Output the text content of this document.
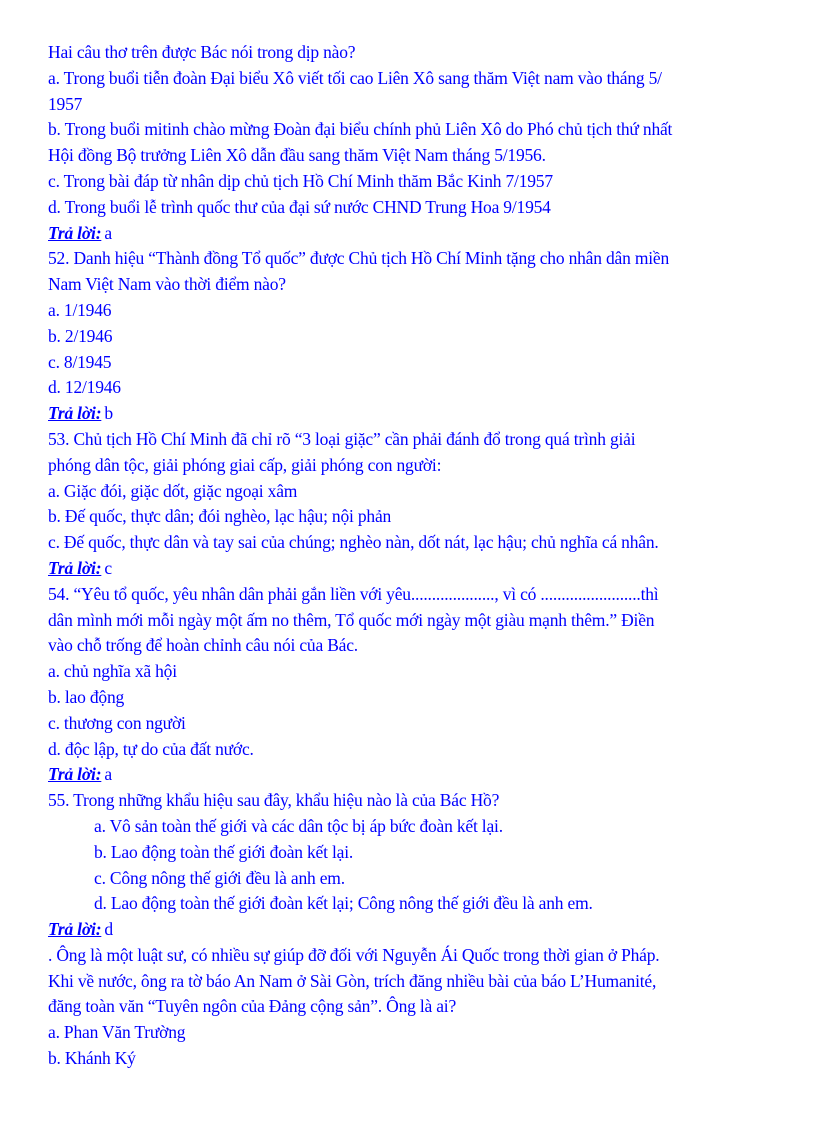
Hai câu thơ trên được Bác nói trong dịp nào?
a. Trong buổi tiễn đoàn Đại biểu Xô viết tối cao Liên Xô sang thăm Việt nam vào tháng 5/
1957
b. Trong buổi mitinh chào mừng Đoàn đại biểu chính phủ Liên Xô do Phó chủ tịch thứ nhất
Hội đồng Bộ trưởng Liên Xô dẫn đầu sang thăm Việt Nam tháng 5/1956.
c. Trong bài đáp từ nhân dịp chủ tịch Hồ Chí Minh thăm Bắc Kinh 7/1957
d. Trong buổi lễ trình quốc thư của đại sứ nước CHND Trung Hoa 9/1954
Trả lời: a
52. Danh hiệu “Thành đồng Tổ quốc” được Chủ tịch Hồ Chí Minh tặng cho nhân dân miền
Nam Việt Nam vào thời điểm nào?
a. 1/1946
b. 2/1946
c. 8/1945
d. 12/1946
Trả lời: b
53. Chủ tịch Hồ Chí Minh đã chỉ rõ “3 loại giặc” cần phải đánh đổ trong quá trình giải
phóng dân tộc, giải phóng giai cấp, giải phóng con người:
a. Giặc đói, giặc dốt, giặc ngoại xâm
b. Đế quốc, thực dân; đói nghèo, lạc hậu; nội phản
c. Đế quốc, thực dân và tay sai của chúng; nghèo nàn, dốt nát, lạc hậu; chủ nghĩa cá nhân.
Trả lời: c
54. “Yêu tổ quốc, yêu nhân dân phải gắn liền với yêu...................., vì có ........................thì
dân mình mới mỗi ngày một ấm no thêm, Tổ quốc mới ngày một giàu mạnh thêm.” Điền
vào chỗ trống để hoàn chỉnh câu nói của Bác.
a. chủ nghĩa xã hội
b. lao động
c. thương con người
d. độc lập, tự do của đất nước.
Trả lời: a
55. Trong những khẩu hiệu sau đây, khẩu hiệu nào là của Bác Hồ?
a. Vô sản toàn thế giới và các dân tộc bị áp bức đoàn kết lại.
b. Lao động toàn thế giới đoàn kết lại.
c. Công nông thế giới đều là anh em.
d. Lao động toàn thế giới đoàn kết lại; Công nông thế giới đều là anh em.
Trả lời: d
. Ông là một luật sư, có nhiều sự giúp đỡ đối với Nguyễn Ái Quốc trong thời gian ở Pháp.
Khi về nước, ông ra tờ báo An Nam ở Sài Gòn, trích đăng nhiều bài của báo L’Humanité,
đăng toàn văn “Tuyên ngôn của Đảng cộng sản”. Ông là ai?
a. Phan Văn Trường
b. Khánh Ký
